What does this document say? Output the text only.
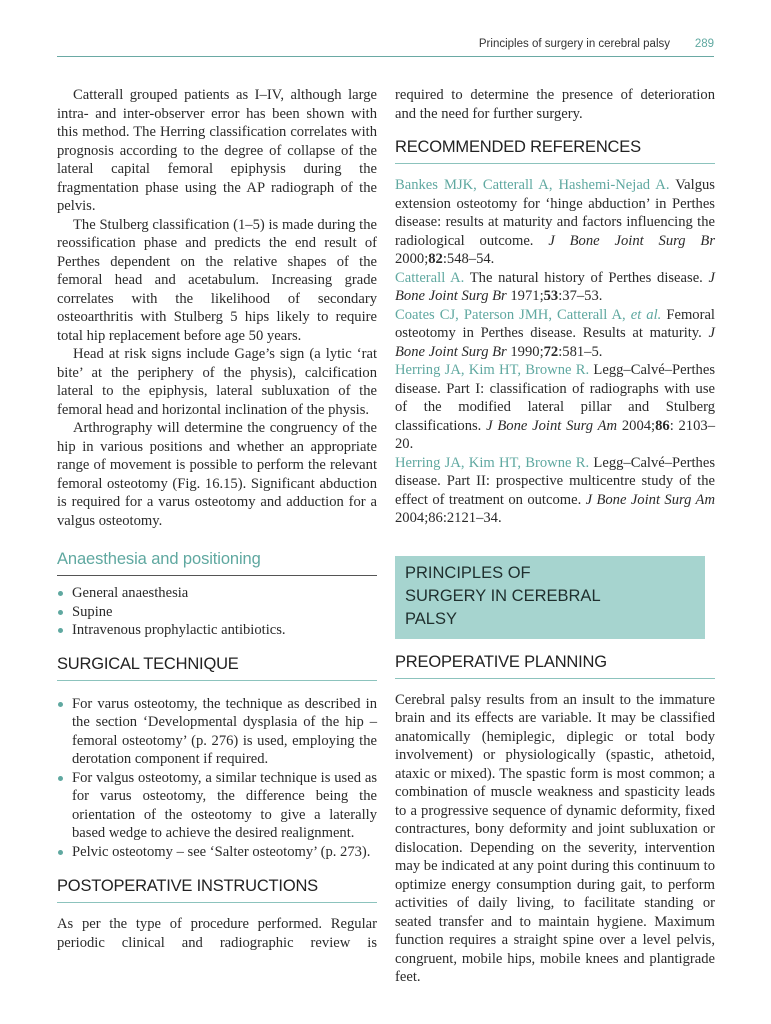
Principles of surgery in cerebral palsy 289

Catterall grouped patients as I–IV, although large intra- and inter-observer error has been shown with this method. The Herring classification correlates with prognosis according to the degree of collapse of the lateral capital femoral epiphysis during the fragmentation phase using the AP radiograph of the pelvis.

The Stulberg classification (1–5) is made during the reossification phase and predicts the end result of Perthes dependent on the relative shapes of the femoral head and acetabulum. Increasing grade correlates with the likelihood of secondary osteoarthritis with Stulberg 5 hips likely to require total hip replacement before age 50 years.

Head at risk signs include Gage’s sign (a lytic ‘rat bite’ at the periphery of the physis), calcification lateral to the epiphysis, lateral subluxation of the femoral head and horizontal inclination of the physis.

Arthrography will determine the congruency of the hip in various positions and whether an appropriate range of movement is possible to perform the relevant femoral osteotomy (Fig. 16.15). Significant abduction is required for a varus osteotomy and adduction for a valgus osteotomy.

Anaesthesia and positioning
General anaesthesia
Supine
Intravenous prophylactic antibiotics.
SURGICAL TECHNIQUE
For varus osteotomy, the technique as described in the section ‘Developmental dysplasia of the hip – femoral osteotomy’ (p. 276) is used, employing the derotation component if required.
For valgus osteotomy, a similar technique is used as for varus osteotomy, the difference being the orientation of the osteotomy to give a laterally based wedge to achieve the desired realignment.
Pelvic osteotomy – see ‘Salter osteotomy’ (p. 273).
POSTOPERATIVE INSTRUCTIONS

As per the type of procedure performed. Regular periodic clinical and radiographic review is

required to determine the presence of deterioration and the need for further surgery.

RECOMMENDED REFERENCES
Bankes MJK, Catterall A, Hashemi-Nejad A. Valgus extension osteotomy for ‘hinge abduction’ in Perthes disease: results at maturity and factors influencing the radiological outcome. J Bone Joint Surg Br 2000;82:548–54.
Catterall A. The natural history of Perthes disease. J Bone Joint Surg Br 1971;53:37–53.
Coates CJ, Paterson JMH, Catterall A, et al. Femoral osteotomy in Perthes disease. Results at maturity. J Bone Joint Surg Br 1990;72:581–5.
Herring JA, Kim HT, Browne R. Legg–Calvé–Perthes disease. Part I: classification of radiographs with use of the modified lateral pillar and Stulberg classifications. J Bone Joint Surg Am 2004;86: 2103–20.
Herring JA, Kim HT, Browne R. Legg–Calvé–Perthes disease. Part II: prospective multicentre study of the effect of treatment on outcome. J Bone Joint Surg Am 2004;86:2121–34.
PRINCIPLES OF SURGERY IN CEREBRAL PALSY
PREOPERATIVE PLANNING

Cerebral palsy results from an insult to the immature brain and its effects are variable. It may be classified anatomically (hemiplegic, diplegic or total body involvement) or physiologically (spastic, athetoid, ataxic or mixed). The spastic form is most common; a combination of muscle weakness and spasticity leads to a progressive sequence of dynamic deformity, fixed contractures, bony deformity and joint subluxation or dislocation. Depending on the severity, intervention may be indicated at any point during this continuum to optimize energy consumption during gait, to perform activities of daily living, to facilitate standing or seated transfer and to maintain hygiene. Maximum function requires a straight spine over a level pelvis, congruent, mobile hips, mobile knees and plantigrade feet.
